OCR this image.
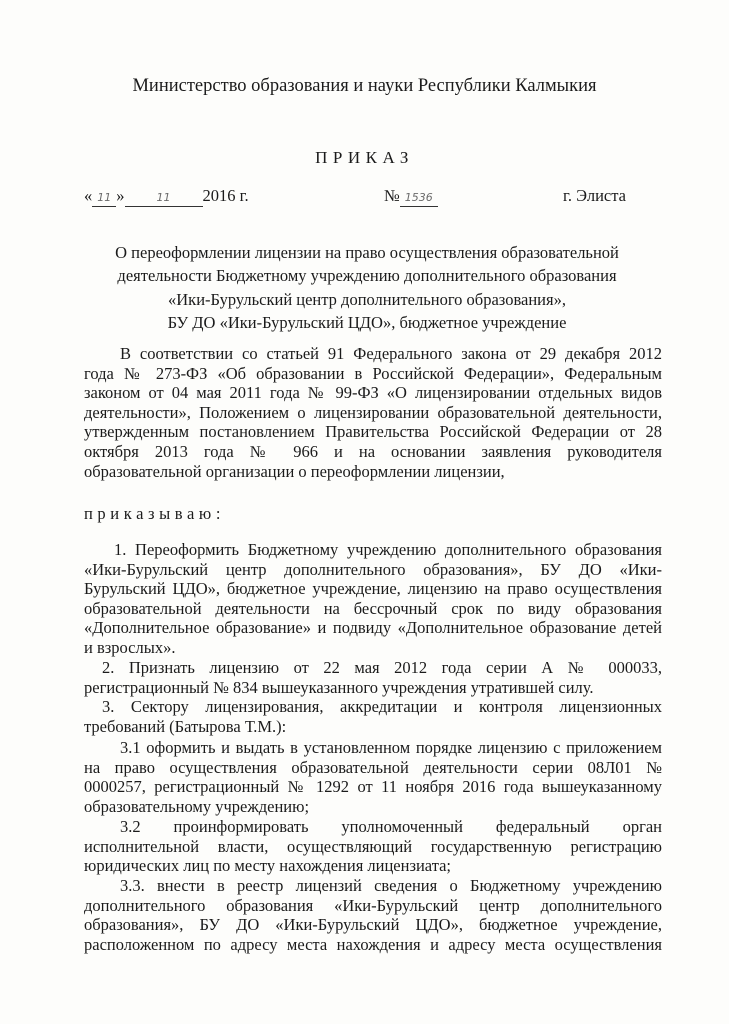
Министерство образования и науки Республики Калмыкия
ПРИКАЗ
« 11 »	11 2016 г.	№ 1536	г. Элиста
О переоформлении лицензии на право осуществления образовательной
деятельности Бюджетному учреждению дополнительного образования
«Ики-Бурульский центр дополнительного образования»,
БУ ДО «Ики-Бурульский ЦДО», бюджетное учреждение
В соответствии со статьей 91 Федерального закона от 29 декабря 2012
года № 273-ФЗ «Об образовании в Российской Федерации», Федеральным
законом от 04 мая 2011 года № 99-ФЗ «О лицензировании отдельных видов
деятельности», Положением о лицензировании образовательной деятельности,
утвержденным постановлением Правительства Российской Федерации от 28
октября 2013 года № 966 и на основании заявления руководителя
образовательной организации о переоформлении лицензии,
приказываю:
1. Переоформить Бюджетному учреждению дополнительного образования
«Ики-Бурульский центр дополнительного образования», БУ ДО «Ики-
Бурульский ЦДО», бюджетное учреждение, лицензию на право осуществления
образовательной деятельности на бессрочный срок по виду образования
«Дополнительное образование» и подвиду «Дополнительное образование детей
и взрослых».
2. Признать лицензию от 22 мая 2012 года серии А № 000033,
регистрационный № 834 вышеуказанного учреждения утратившей силу.
3. Сектору лицензирования, аккредитации и контроля лицензионных
требований (Батырова Т.М.):
3.1 оформить и выдать в установленном порядке лицензию с приложением
на право осуществления образовательной деятельности серии 08Л01 №
0000257, регистрационный № 1292 от 11 ноября 2016 года вышеуказанному
образовательному учреждению;
3.2 проинформировать уполномоченный федеральный орган
исполнительной власти, осуществляющий государственную регистрацию
юридических лиц по месту нахождения лицензиата;
3.3. внести в реестр лицензий сведения о Бюджетному учреждению
дополнительного образования «Ики-Бурульский центр дополнительного
образования», БУ ДО «Ики-Бурульский ЦДО», бюджетное учреждение,
расположенном по адресу места нахождения и адресу места осуществления
